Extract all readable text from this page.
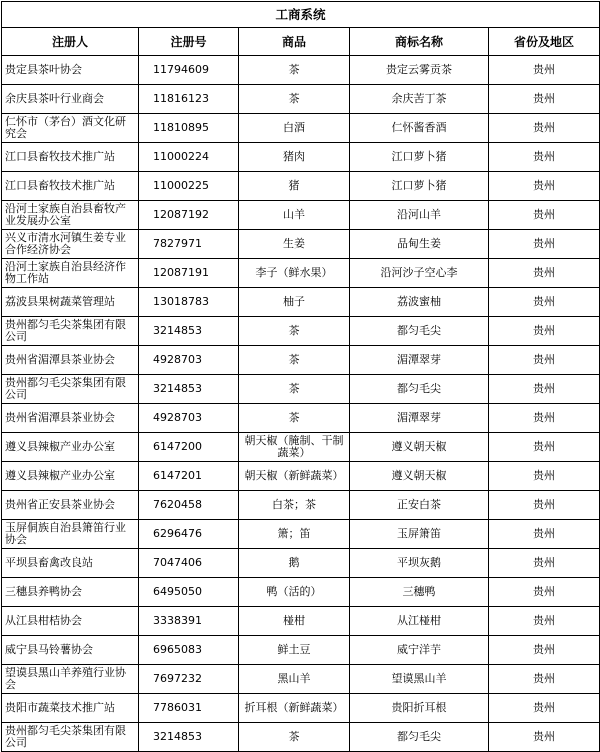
工商系统				
注册人	注册号	商品	商标名称	省份及地区
贵定县茶叶协会	11794609	茶	贵定云雾贡茶	贵州
余庆县茶叶行业商会	11816123	茶	余庆苦丁茶	贵州
仁怀市（茅台）酒文化研究会	11810895	白酒	仁怀酱香酒	贵州
江口县畜牧技术推广站	11000224	猪肉	江口萝卜猪	贵州
江口县畜牧技术推广站	11000225	猪	江口萝卜猪	贵州
沿河土家族自治县畜牧产业发展办公室	12087192	山羊	沿河山羊	贵州
兴义市清水河镇生姜专业合作经济协会	7827971	生姜	品甸生姜	贵州
沿河土家族自治县经济作物工作站	12087191	李子（鲜水果）	沿河沙子空心李	贵州
荔波县果树蔬菜管理站	13018783	柚子	荔波蜜柚	贵州
贵州都匀毛尖茶集团有限公司	3214853	茶	都匀毛尖	贵州
贵州省湄潭县茶业协会	4928703	茶	湄潭翠芽	贵州
贵州都匀毛尖茶集团有限公司	3214853	茶	都匀毛尖	贵州
贵州省湄潭县茶业协会	4928703	茶	湄潭翠芽	贵州
遵义县辣椒产业办公室	6147200	朝天椒（腌制、干制蔬菜）	遵义朝天椒	贵州
遵义县辣椒产业办公室	6147201	朝天椒（新鲜蔬菜）	遵义朝天椒	贵州
贵州省正安县茶业协会	7620458	白茶；茶	正安白茶	贵州
玉屏侗族自治县箫笛行业协会	6296476	箫；笛	玉屏箫笛	贵州
平坝县畜禽改良站	7047406	鹅	平坝灰鹅	贵州
三穗县养鸭协会	6495050	鸭（活的）	三穗鸭	贵州
从江县柑桔协会	3338391	椪柑	从江椪柑	贵州
威宁县马铃薯协会	6965083	鲜土豆	威宁洋芋	贵州
望谟县黑山羊养殖行业协会	7697232	黑山羊	望谟黑山羊	贵州
贵阳市蔬菜技术推广站	7786031	折耳根（新鲜蔬菜）	贵阳折耳根	贵州
贵州都匀毛尖茶集团有限公司	3214853	茶	都匀毛尖	贵州
